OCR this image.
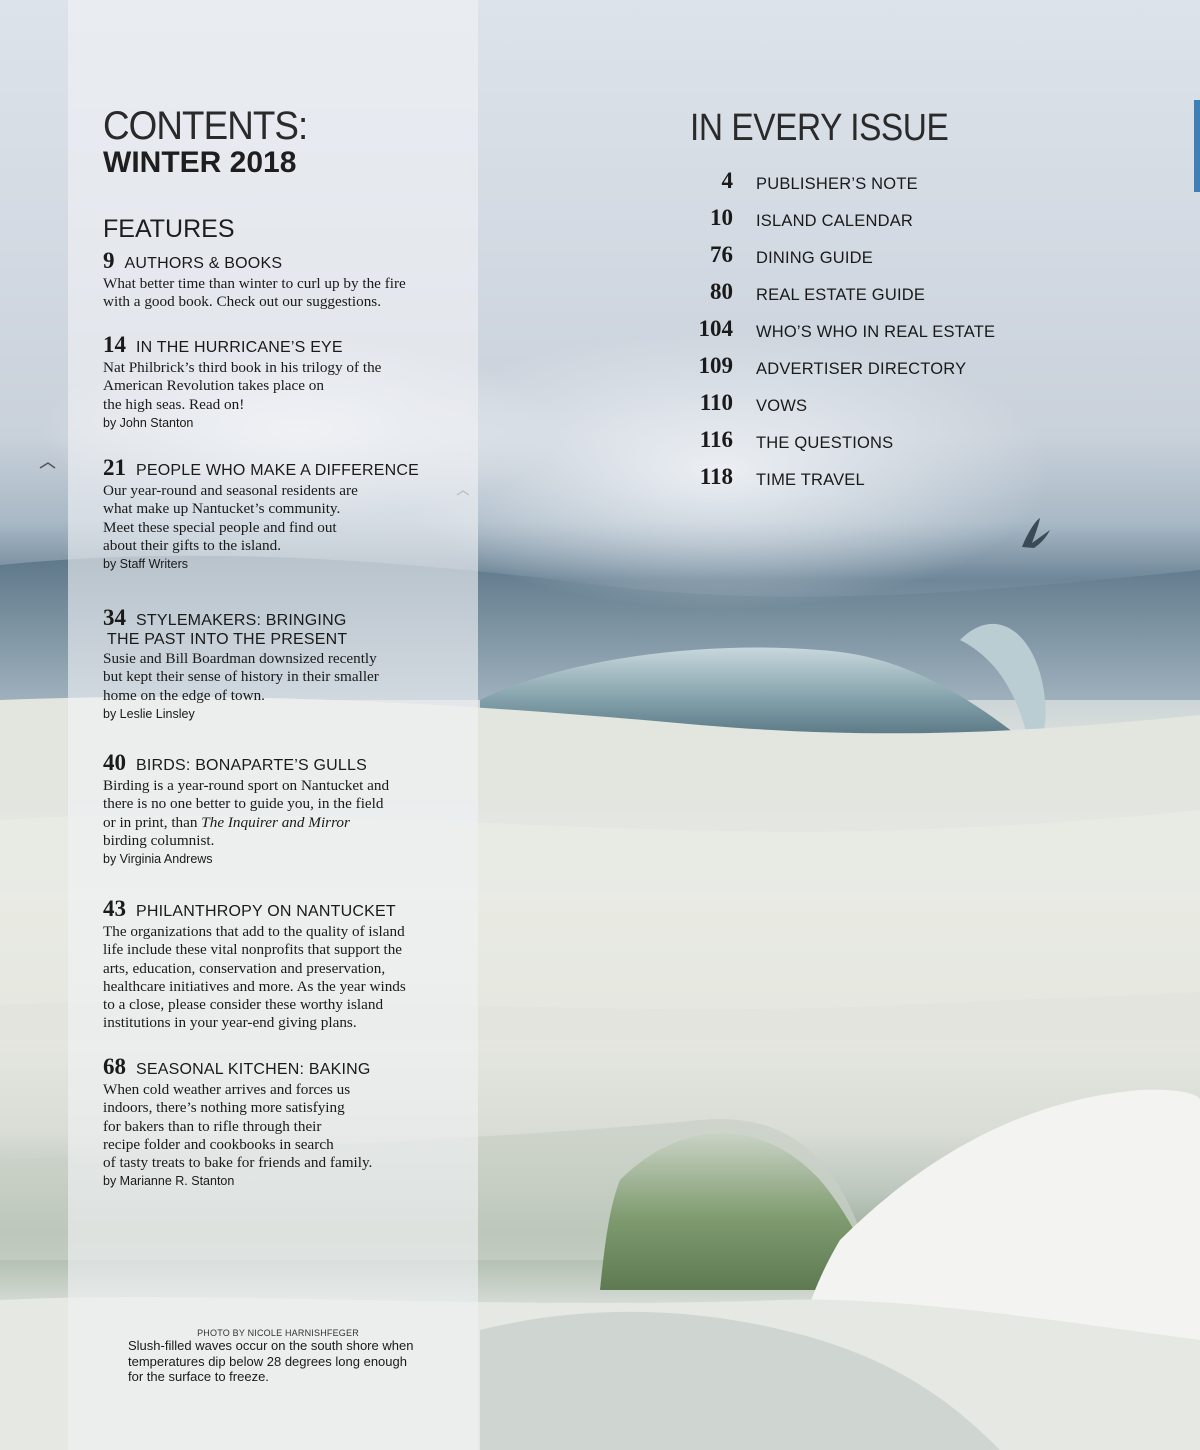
CONTENTS:
WINTER 2018
FEATURES
9 AUTHORS & BOOKS
What better time than winter to curl up by the fire
with a good book. Check out our suggestions.
14 IN THE HURRICANE’S EYE
Nat Philbrick’s third book in his trilogy of the
American Revolution takes place on
the high seas. Read on!
by John Stanton
21 PEOPLE WHO MAKE A DIFFERENCE
Our year-round and seasonal residents are
what make up Nantucket’s community.
Meet these special people and find out
about their gifts to the island.
by Staff Writers
34 STYLEMAKERS: BRINGING
THE PAST INTO THE PRESENT
Susie and Bill Boardman downsized recently
but kept their sense of history in their smaller
home on the edge of town.
by Leslie Linsley
40 BIRDS: BONAPARTE’S GULLS
Birding is a year-round sport on Nantucket and
there is no one better to guide you, in the field
or in print, than The Inquirer and Mirror
birding columnist.
by Virginia Andrews
43 PHILANTHROPY ON NANTUCKET
The organizations that add to the quality of island
life include these vital nonprofits that support the
arts, education, conservation and preservation,
healthcare initiatives and more. As the year winds
to a close, please consider these worthy island
institutions in your year-end giving plans.
68 SEASONAL KITCHEN: BAKING
When cold weather arrives and forces us
indoors, there’s nothing more satisfying
for bakers than to rifle through their
recipe folder and cookbooks in search
of tasty treats to bake for friends and family.
by Marianne R. Stanton
PHOTO BY NICOLE HARNISHFEGER
Slush-filled waves occur on the south shore when
temperatures dip below 28 degrees long enough
for the surface to freeze.
IN EVERY ISSUE
4 PUBLISHER’S NOTE
10 ISLAND CALENDAR
76 DINING GUIDE
80 REAL ESTATE GUIDE
104 WHO’S WHO IN REAL ESTATE
109 ADVERTISER DIRECTORY
110 VOWS
116 THE QUESTIONS
118 TIME TRAVEL
